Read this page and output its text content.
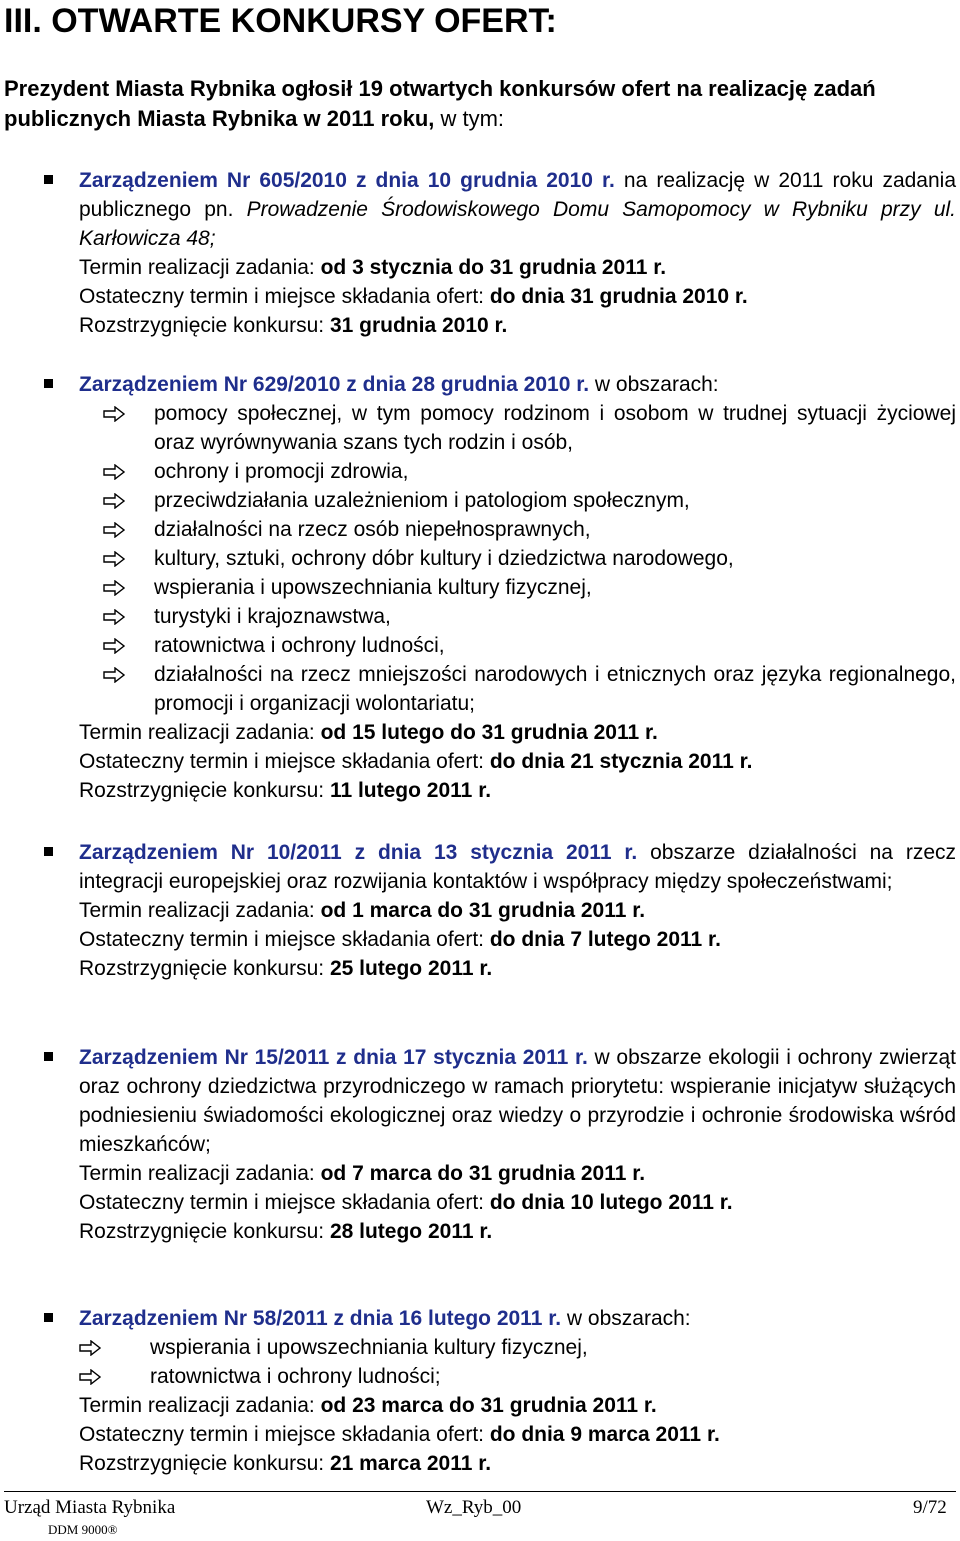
III. OTWARTE KONKURSY OFERT:

Prezydent Miasta Rybnika ogłosił 19 otwartych konkursów ofert na realizację zadań publicznych Miasta Rybnika w 2011 roku, w tym:

Zarządzeniem Nr 605/2010 z dnia 10 grudnia 2010 r. na realizację w 2011 roku zadania publicznego pn. Prowadzenie Środowiskowego Domu Samopomocy w Rybniku przy ul. Karłowicza 48;
Termin realizacji zadania: od 3 stycznia do 31 grudnia 2011 r.
Ostateczny termin i miejsce składania ofert: do dnia 31 grudnia 2010 r.
Rozstrzygnięcie konkursu: 31 grudnia 2010 r.
Zarządzeniem Nr 629/2010 z dnia 28 grudnia 2010 r. w obszarach:
pomocy społecznej, w tym pomocy rodzinom i osobom w trudnej sytuacji życiowej oraz wyrównywania szans tych rodzin i osób,
ochrony i promocji zdrowia,
przeciwdziałania uzależnieniom i patologiom społecznym,
działalności na rzecz osób niepełnosprawnych,
kultury, sztuki, ochrony dóbr kultury i dziedzictwa narodowego,
wspierania i upowszechniania kultury fizycznej,
turystyki i krajoznawstwa,
ratownictwa i ochrony ludności,
działalności na rzecz mniejszości narodowych i etnicznych oraz języka regionalnego, promocji i organizacji wolontariatu;
Termin realizacji zadania: od 15 lutego do 31 grudnia 2011 r.
Ostateczny termin i miejsce składania ofert: do dnia 21 stycznia 2011 r.
Rozstrzygnięcie konkursu: 11 lutego 2011 r.
Zarządzeniem Nr 10/2011 z dnia 13 stycznia 2011 r. obszarze działalności na rzecz integracji europejskiej oraz rozwijania kontaktów i współpracy między społeczeństwami;
Termin realizacji zadania: od 1 marca do 31 grudnia 2011 r.
Ostateczny termin i miejsce składania ofert: do dnia 7 lutego 2011 r.
Rozstrzygnięcie konkursu: 25 lutego 2011 r.
Zarządzeniem Nr 15/2011 z dnia 17 stycznia 2011 r. w obszarze ekologii i ochrony zwierząt oraz ochrony dziedzictwa przyrodniczego w ramach priorytetu: wspieranie inicjatyw służących podniesieniu świadomości ekologicznej oraz wiedzy o przyrodzie i ochronie środowiska wśród mieszkańców;
Termin realizacji zadania: od 7 marca do 31 grudnia 2011 r.
Ostateczny termin i miejsce składania ofert: do dnia 10 lutego 2011 r.
Rozstrzygnięcie konkursu: 28 lutego 2011 r.
Zarządzeniem Nr 58/2011 z dnia 16 lutego 2011 r. w obszarach:
wspierania i upowszechniania kultury fizycznej,
ratownictwa i ochrony ludności;
Termin realizacji zadania: od 23 marca do 31 grudnia 2011 r.
Ostateczny termin i miejsce składania ofert: do dnia 9 marca 2011 r.
Rozstrzygnięcie konkursu: 21 marca 2011 r.
Urząd Miasta Rybnika
DDM 9000®
Wz_Ryb_00	9/72
